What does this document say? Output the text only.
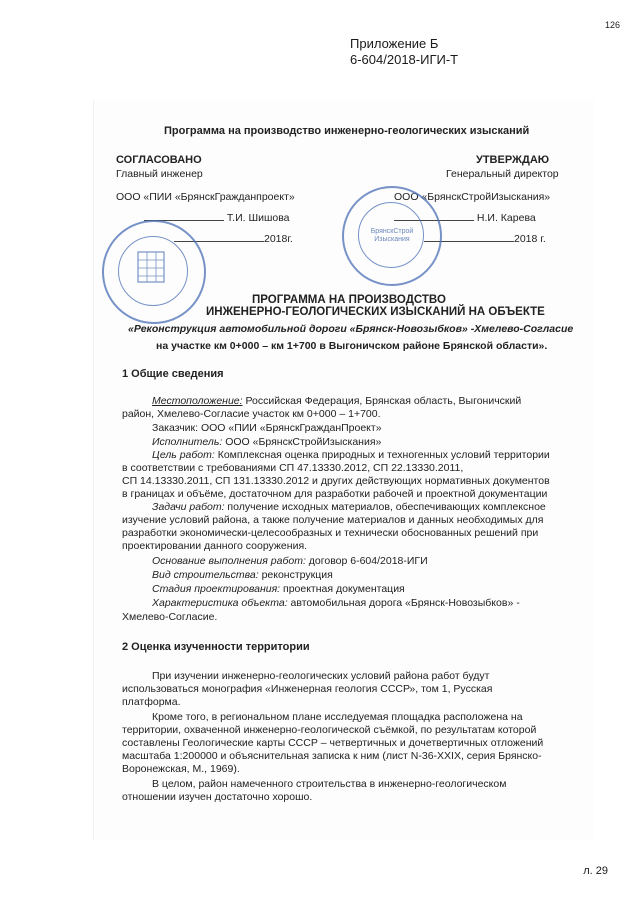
126
Приложение Б
6-604/2018-ИГИ-Т
Программа на производство инженерно-геологических изысканий
СОГЛАСОВАНО
Главный инженер
ООО «ПИИ «БрянскГражданпроект»
Т.И. Шишова
2018г.
УТВЕРЖДАЮ
Генеральный директор
ООО «БрянскСтройИзыскания»
Н.И. Карева
2018 г.
БрянскСтрой Изыскания
ПРОГРАММА НА ПРОИЗВОДСТВО
ИНЖЕНЕРНО-ГЕОЛОГИЧЕСКИХ ИЗЫСКАНИЙ НА ОБЪЕКТЕ
«Реконструкция автомобильной дороги «Брянск-Новозыбков» -Хмелево-Согласие
на участке км 0+000 – км 1+700 в Выгоничском районе Брянской области».
1 Общие сведения
Местоположение: Российская Федерация, Брянская область, Выгоничский
район, Хмелево-Согласие участок км 0+000 – 1+700.
Заказчик: ООО «ПИИ «БрянскГражданПроект»
Исполнитель: ООО «БрянскСтройИзыскания»
Цель работ: Комплексная оценка природных и техногенных условий территории
в соответствии с требованиями СП 47.13330.2012, СП 22.13330.2011,
СП 14.13330.2011, СП 131.13330.2012 и других действующих нормативных документов
в границах и объёме, достаточном для разработки рабочей и проектной документации
Задачи работ: получение исходных материалов, обеспечивающих комплексное
изучение условий района, а также получение материалов и данных необходимых для
разработки экономически-целесообразных и технически обоснованных решений при
проектировании данного сооружения.
Основание выполнения работ: договор 6-604/2018-ИГИ
Вид строительства: реконструкция
Стадия проектирования: проектная документация
Характеристика объекта: автомобильная дорога «Брянск-Новозыбков» -
Хмелево-Согласие.
2 Оценка изученности территории
При изучении инженерно-геологических условий района работ будут
использоваться монография «Инженерная геология СССР», том 1, Русская
платформа.
Кроме того, в региональном плане исследуемая площадка расположена на
территории, охваченной инженерно-геологической съёмкой, по результатам которой
составлены Геологические карты СССР – четвертичных и дочетвертичных отложений
масштаба 1:200000 и объяснительная записка к ним (лист N-36-XXIX, серия Брянско-
Воронежская, М., 1969).
В целом, район намеченного строительства в инженерно-геологическом
отношении изучен достаточно хорошо.
л. 29
